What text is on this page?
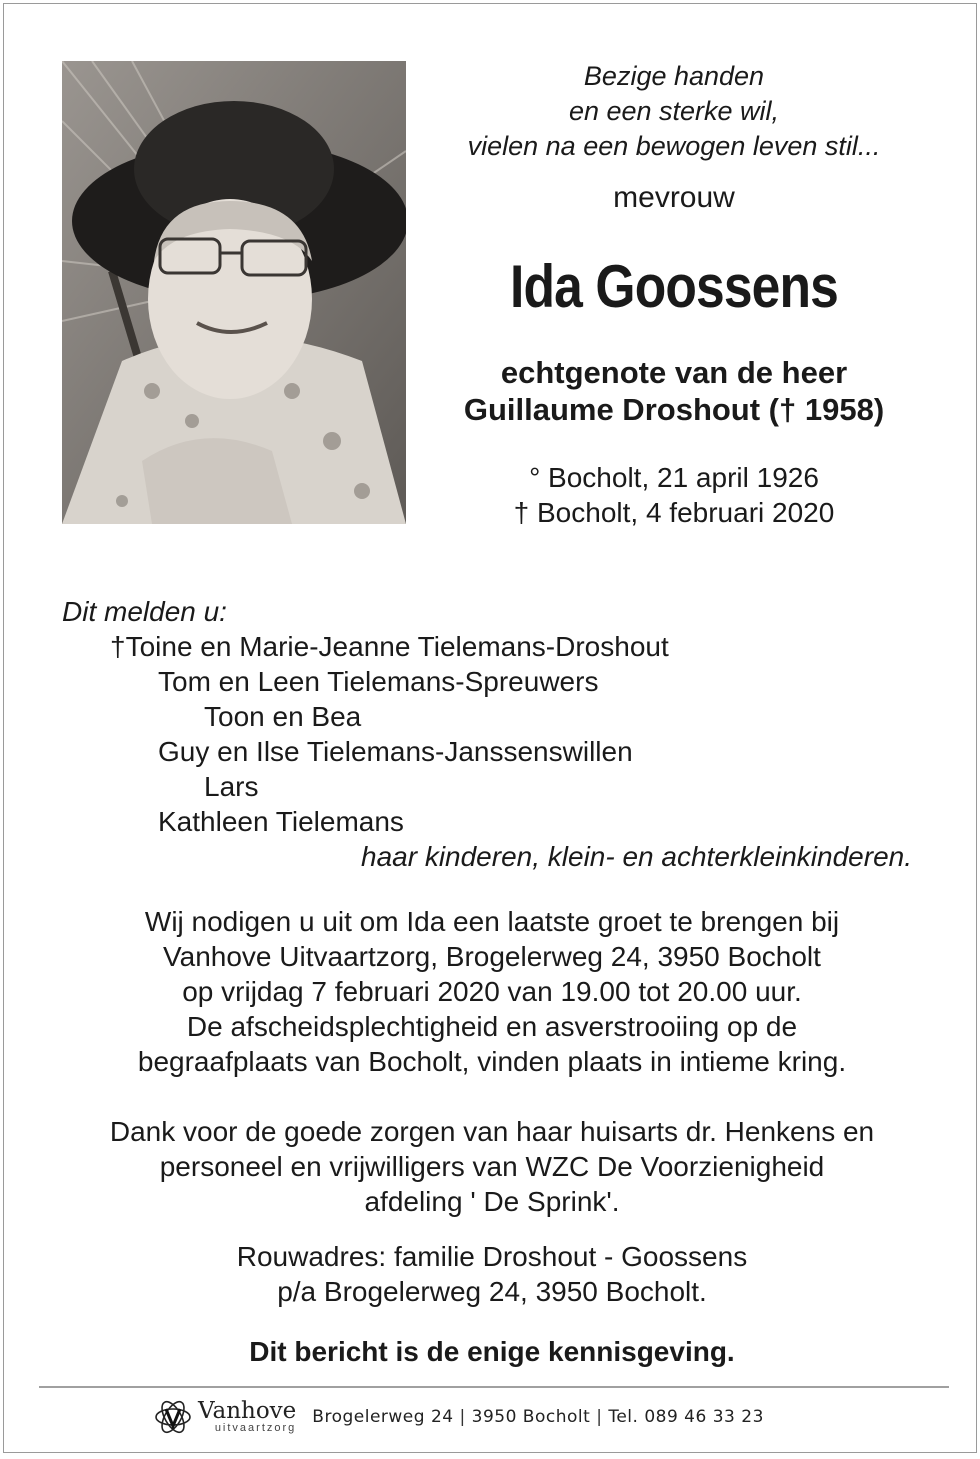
Bezige handen
en een sterke wil,
vielen na een bewogen leven stil...
mevrouw
Ida Goossens
echtgenote van de heer
Guillaume Droshout († 1958)
° Bocholt, 21 april 1926
† Bocholt, 4 februari 2020
Dit melden u:
†Toine en Marie-Jeanne Tielemans-Droshout
Tom en Leen Tielemans-Spreuwers
Toon en Bea
Guy en Ilse Tielemans-Janssenswillen
Lars
Kathleen Tielemans
haar kinderen, klein- en achterkleinkinderen.
Wij nodigen u uit om Ida een laatste groet te brengen bij
Vanhove Uitvaartzorg, Brogelerweg 24, 3950 Bocholt
op vrijdag 7 februari 2020 van 19.00 tot 20.00 uur.
De afscheidsplechtigheid en asverstrooiing op de
begraafplaats van Bocholt, vinden plaats in intieme kring.
Dank voor de goede zorgen van haar huisarts dr. Henkens en
personeel en vrijwilligers van WZC De Voorzienigheid
afdeling ' De Sprink'.
Rouwadres: familie Droshout - Goossens
p/a Brogelerweg 24, 3950 Bocholt.
Dit bericht is de enige kennisgeving.
Vanhove
uitvaartzorg
Brogelerweg 24 | 3950 Bocholt | Tel. 089 46 33 23
